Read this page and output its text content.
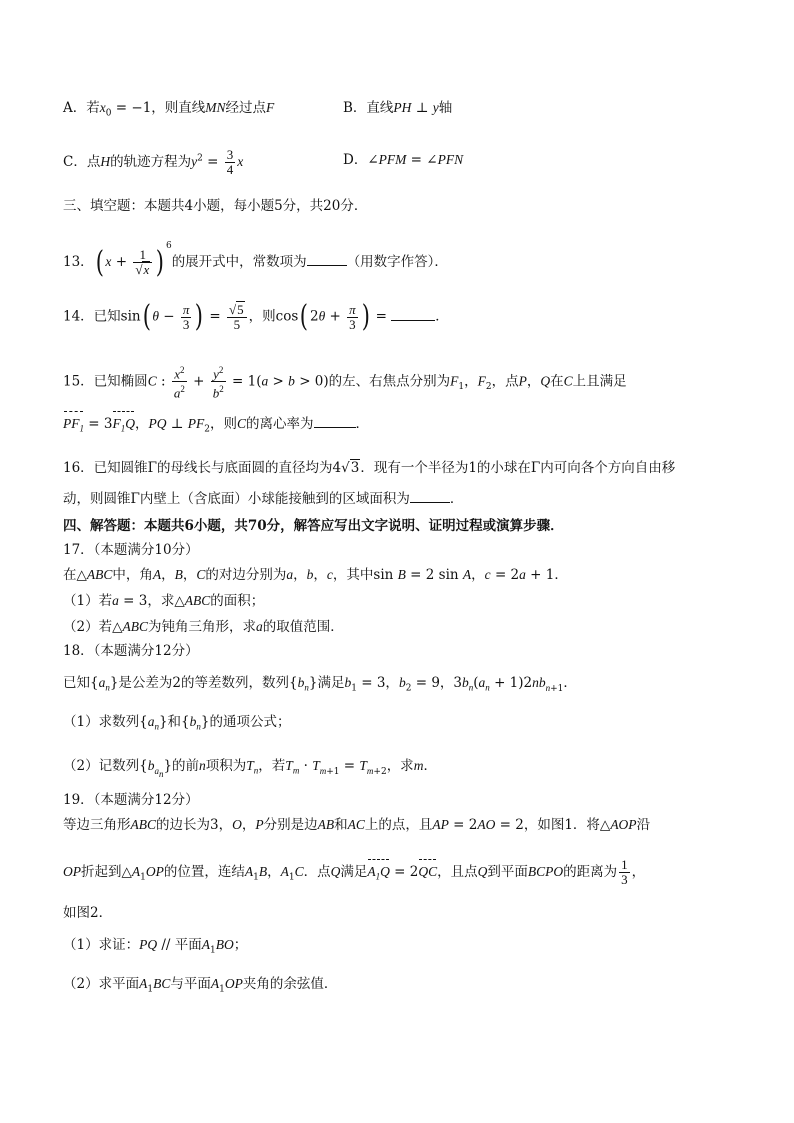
A．若$x_0 = -1$，则直线MN经过点F	B．直线PH ⊥ y轴
C．点H的轨迹方程为$y^2 = \frac{3}{4}$ x	D．∠PFM = ∠PFN
三、填空题：本题共4小题，每小题5分，共20分．
13．( $x + \frac{1}{√x}$ ) $^6$的展开式中，常数项为	（用数字作答）．
14．已知sin( $\theta - \frac{\pi}{3}$ ) = $\frac{√5}{5}$ ，则cos( $2\theta + \frac{\pi}{3}$ ) =	．
15．已知椭圆C : $\frac{x^2}{a^2} + \frac{y^2}{b^2} = 1(a > b > 0)$的左、右焦点分别为$F_1$，$F_2$，点P，Q在C上且满足
$PF_1 = 3F_1Q$，PQ ⊥ $PF_2$，则C的离心率为	．
16．已知圆锥Γ的母线长与底面圆的直径均为4√3．现有一个半径为1的小球在Γ内可向各个方向自由移
动，则圆锥Γ内壁上（含底面）小球能接触到的区域面积为	．
四、解答题：本题共6小题，共70分，解答应写出文字说明、证明过程或演算步骤．
17．（本题满分10分）
在△ABC中，角A，B，C的对边分别为a，b，c，其中sin B = 2 sin A，c = 2a + 1．
（1）若a = 3，求△ABC的面积；
（2）若△ABC为钝角三角形，求a的取值范围．
18．（本题满分12分）
已知$\{a_n\}$是公差为2的等差数列，数列$\{b_n\}$满足$b_1 = 3$，$b_2 = 9$，$3b_n(a_n + 1)2nb_{n+1}$．
（1）求数列$\{a_n\}$和$\{b_n\}$的通项公式；
（2）记数列$\{b_{a_n}\}$的前n项积为$T_n$，若$T_m \cdot T_{m+1} = T_{m+2}$，求m．
19．（本题满分12分）
等边三角形ABC的边长为3，O，P分别是边AB和AC上的点，且AP = 2AO = 2，如图1．将△AOP沿
OP折起到$\triangle A_1OP$的位置，连结$A_1B$，$A_1C$．点Q满足$A_1Q = 2QC$，且点Q到平面BCPO的距离为 $\frac{1}{3}$ ，
如图2．
（1）求证：PQ // 平面$A_1BO$；
（2）求平面$A_1BC$与平面$A_1OP$夹角的余弦值．
